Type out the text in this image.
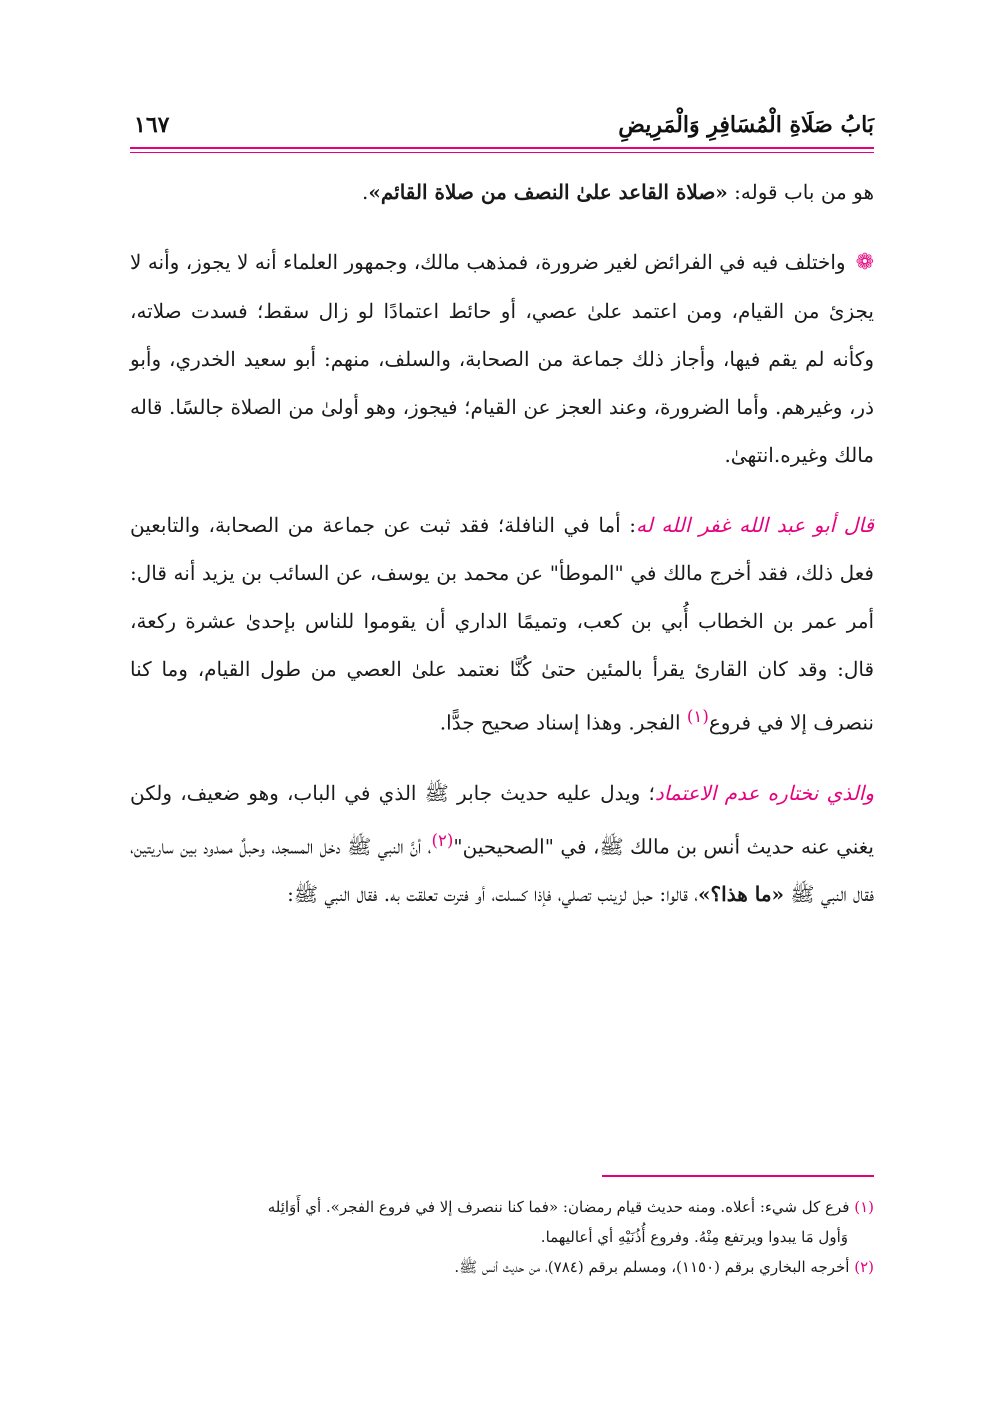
بَابُ صَلَاةِ الْمُسَافِرِ وَالْمَرِيضِ
١٦٧

هو من باب قوله: «صلاة القاعد علىٰ النصف من صلاة القائم».

❁واختلف فيه في الفرائض لغير ضرورة، فمذهب مالك، وجمهور العلماء أنه لا يجوز، وأنه لا يجزئ من القيام، ومن اعتمد علىٰ عصي، أو حائط اعتمادًا لو زال سقط؛ فسدت صلاته، وكأنه لم يقم فيها، وأجاز ذلك جماعة من الصحابة، والسلف، منهم: أبو سعيد الخدري، وأبو ذر، وغيرهم. وأما الضرورة، وعند العجز عن القيام؛ فيجوز، وهو أولىٰ من الصلاة جالسًا. قاله مالك وغيره.انتهىٰ.

قال أبو عبد الله غفر الله له: أما في النافلة؛ فقد ثبت عن جماعة من الصحابة، والتابعين فعل ذلك، فقد أخرج مالك في "الموطأ" عن محمد بن يوسف، عن السائب بن يزيد أنه قال: أمر عمر بن الخطاب أُبي بن كعب، وتميمًا الداري أن يقوموا للناس بإحدىٰ عشرة ركعة، قال: وقد كان القارئ يقرأ بالمئين حتىٰ كُنَّا نعتمد علىٰ العصي من طول القيام، وما كنا ننصرف إلا في فروع$^{(١)}$ الفجر. وهذا إسناد صحيح جدًّا.

والذي نختاره عدم الاعتماد؛ ويدل عليه حديث جابر ﷺ الذي في الباب، وهو ضعيف، ولكن يغني عنه حديث أنس بن مالك ﷺ، في "الصحيحين"$^{(٢)}$، أنَّ النبي ﷺ دخل المسجد، وحبلٌ ممدود بين ساريتين، فقال النبي ﷺ «ما هذا؟»، قالوا: حبل لزينب تصلي، فإذا كسلت، أو فترت تعلقت به. فقال النبي ﷺ:

(١) فرع كل شيء: أعلاه. ومنه حديث قيام رمضان: «فما كنا ننصرف إلا في فروع الفجر». أي أَوَائِله
وَأول مَا يبدوا ويرتفع مِنْهُ. وفروع أُذُنَيْهِ أي أعاليهما.
(٢) أخرجه البخاري برقم (١١٥٠)، ومسلم برقم (٧٨٤)، من حديث أنس ﷺ.
